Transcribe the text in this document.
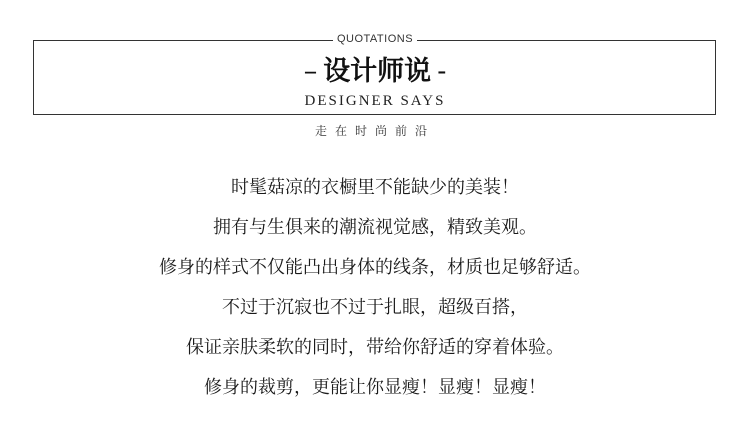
QUOTATIONS
– 设计师说 -
DESIGNER SAYS
走在时尚前沿
时髦菇凉的衣橱里不能缺少的美装！
拥有与生俱来的潮流视觉感，精致美观。
修身的样式不仅能凸出身体的线条，材质也足够舒适。
不过于沉寂也不过于扎眼，超级百搭，
保证亲肤柔软的同时，带给你舒适的穿着体验。
修身的裁剪，更能让你显瘦！显瘦！显瘦！
